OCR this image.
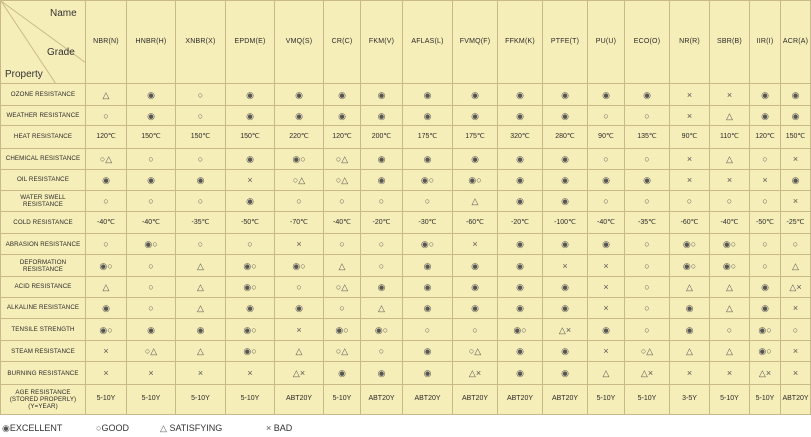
Name
Grade
Property	NBR(N)	HNBR(H)	XNBR(X)	EPDM(E)	VMQ(S)	CR(C)	FKM(V)	AFLAS(L)	FVMQ(F)	FFKM(K)	PTFE(T)	PU(U)	ECO(O)	NR(R)	SBR(B)	IIR(I)	ACR(A)
OZONE RESISTANCE	△	◉	○	◉	◉	◉	◉	◉	◉	◉	◉	◉	◉	×	×	◉	◉
WEATHER RESISTANCE	○	◉	○	◉	◉	◉	◉	◉	◉	◉	◉	○	○	×	△	◉	◉
HEAT RESISTANCE	120℃	150℃	150℃	150℃	220℃	120℃	200℃	175℃	175℃	320℃	280℃	90℃	135℃	90℃	110℃	120℃	150℃
CHEMICAL RESISTANCE	○△	○	○	◉	◉○	○△	◉	◉	◉	◉	◉	○	○	×	△	○	×
OIL RESISTANCE	◉	◉	◉	×	○△	○△	◉	◉○	◉○	◉	◉	◉	◉	×	×	×	◉
WATER SWELL RESISTANCE	○	○	○	◉	○	○	○	○	△	◉	◉	○	○	○	○	○	×
COLD RESISTANCE	-40℃	-40℃	-35℃	-50℃	-70℃	-40℃	-20℃	-30℃	-60℃	-20℃	-100℃	-40℃	-35℃	-60℃	-40℃	-50℃	-25℃
ABRASION RESISTANCE	○	◉○	○	○	×	○	○	◉○	×	◉	◉	◉	○	◉○	◉○	○	○
DEFORMATION RESISTANCE	◉○	○	△	◉○	◉○	△	○	◉	◉	◉	×	×	○	◉○	◉○	○	△
ACID RESISTANCE	△	○	△	◉○	○	○△	◉	◉	◉	◉	◉	×	○	△	△	◉	△×
ALKALINE RESISTANCE	◉	○	△	◉	◉	○	△	◉	◉	◉	◉	×	○	◉	△	◉	×
TENSILE STRENGTH	◉○	◉	◉	◉○	×	◉○	◉○	○	○	◉○	△×	◉	○	◉	○	◉○	○
STEAM RESISTANCE	×	○△	△	◉○	△	○△	○	◉	○△	◉	◉	×	○△	△	△	◉○	×
BURNING RESISTANCE	×	×	×	×	△×	◉	◉	◉	△×	◉	◉	△	△×	×	×	△×	×
AGE RESISTANCE (STORED PROPERLY) (Y=YEAR)	5-10Y	5-10Y	5-10Y	5-10Y	ABT20Y	5-10Y	ABT20Y	ABT20Y	ABT20Y	ABT20Y	ABT20Y	5-10Y	5-10Y	3-5Y	5-10Y	5-10Y	ABT20Y
◉EXCELLENT	○GOOD	△ SATISFYING	× BAD
